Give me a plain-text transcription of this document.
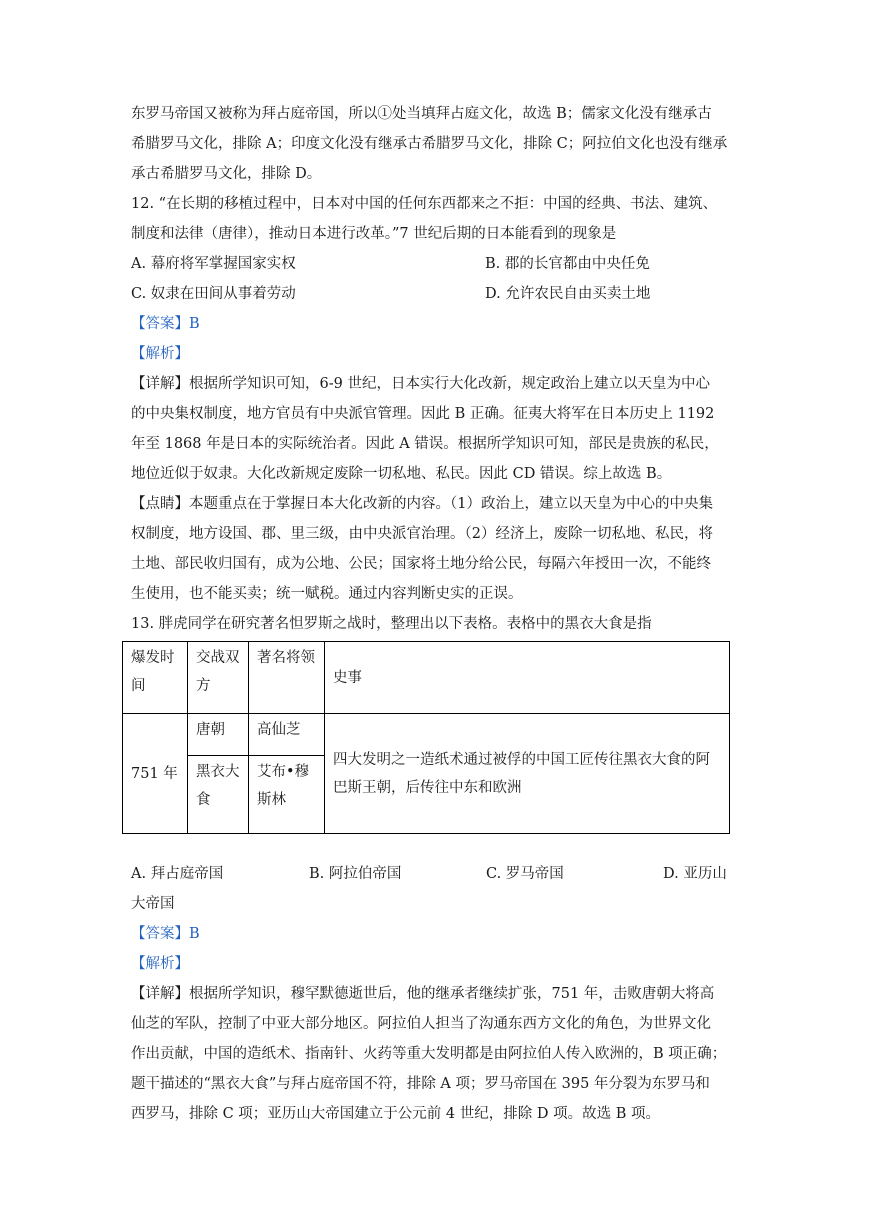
东罗马帝国又被称为拜占庭帝国，所以①处当填拜占庭文化，故选 B；儒家文化没有继承古
希腊罗马文化，排除 A；印度文化没有继承古希腊罗马文化，排除 C；阿拉伯文化也没有继承
承古希腊罗马文化，排除 D。
12. “在长期的移植过程中，日本对中国的任何东西都来之不拒：中国的经典、书法、建筑、
制度和法律（唐律），推动日本进行改革。”7 世纪后期的日本能看到的现象是
A. 幕府将军掌握国家实权	B. 郡的长官都由中央任免
C. 奴隶在田间从事着劳动	D. 允许农民自由买卖土地
【答案】B
【解析】
【详解】根据所学知识可知，6-9 世纪，日本实行大化改新，规定政治上建立以天皇为中心
的中央集权制度，地方官员有中央派官管理。因此 B 正确。征夷大将军在日本历史上 1192
年至 1868 年是日本的实际统治者。因此 A 错误。根据所学知识可知，部民是贵族的私民，
地位近似于奴隶。大化改新规定废除一切私地、私民。因此 CD 错误。综上故选 B。
【点睛】本题重点在于掌握日本大化改新的内容。（1）政治上，建立以天皇为中心的中央集
权制度，地方设国、郡、里三级，由中央派官治理。（2）经济上，废除一切私地、私民，将
土地、部民收归国有，成为公地、公民；国家将土地分给公民，每隔六年授田一次，不能终
生使用，也不能买卖；统一赋税。通过内容判断史实的正误。
13. 胖虎同学在研究著名怛罗斯之战时，整理出以下表格。表格中的黑衣大食是指
爆发时间	交战双方	著名将领	史事
751 年	唐朝	高仙芝	四大发明之一造纸术通过被俘的中国工匠传往黑衣大食的阿巴斯王朝，后传往中东和欧洲
	黑衣大食	艾布•穆斯林	
A. 拜占庭帝国	B. 阿拉伯帝国	C. 罗马帝国	D. 亚历山
大帝国
【答案】B
【解析】
【详解】根据所学知识，穆罕默德逝世后，他的继承者继续扩张，751 年，击败唐朝大将高
仙芝的军队，控制了中亚大部分地区。阿拉伯人担当了沟通东西方文化的角色，为世界文化
作出贡献，中国的造纸术、指南针、火药等重大发明都是由阿拉伯人传入欧洲的，B 项正确；
题干描述的“黑衣大食”与拜占庭帝国不符，排除 A 项；罗马帝国在 395 年分裂为东罗马和
西罗马，排除 C 项；亚历山大帝国建立于公元前 4 世纪，排除 D 项。故选 B 项。
